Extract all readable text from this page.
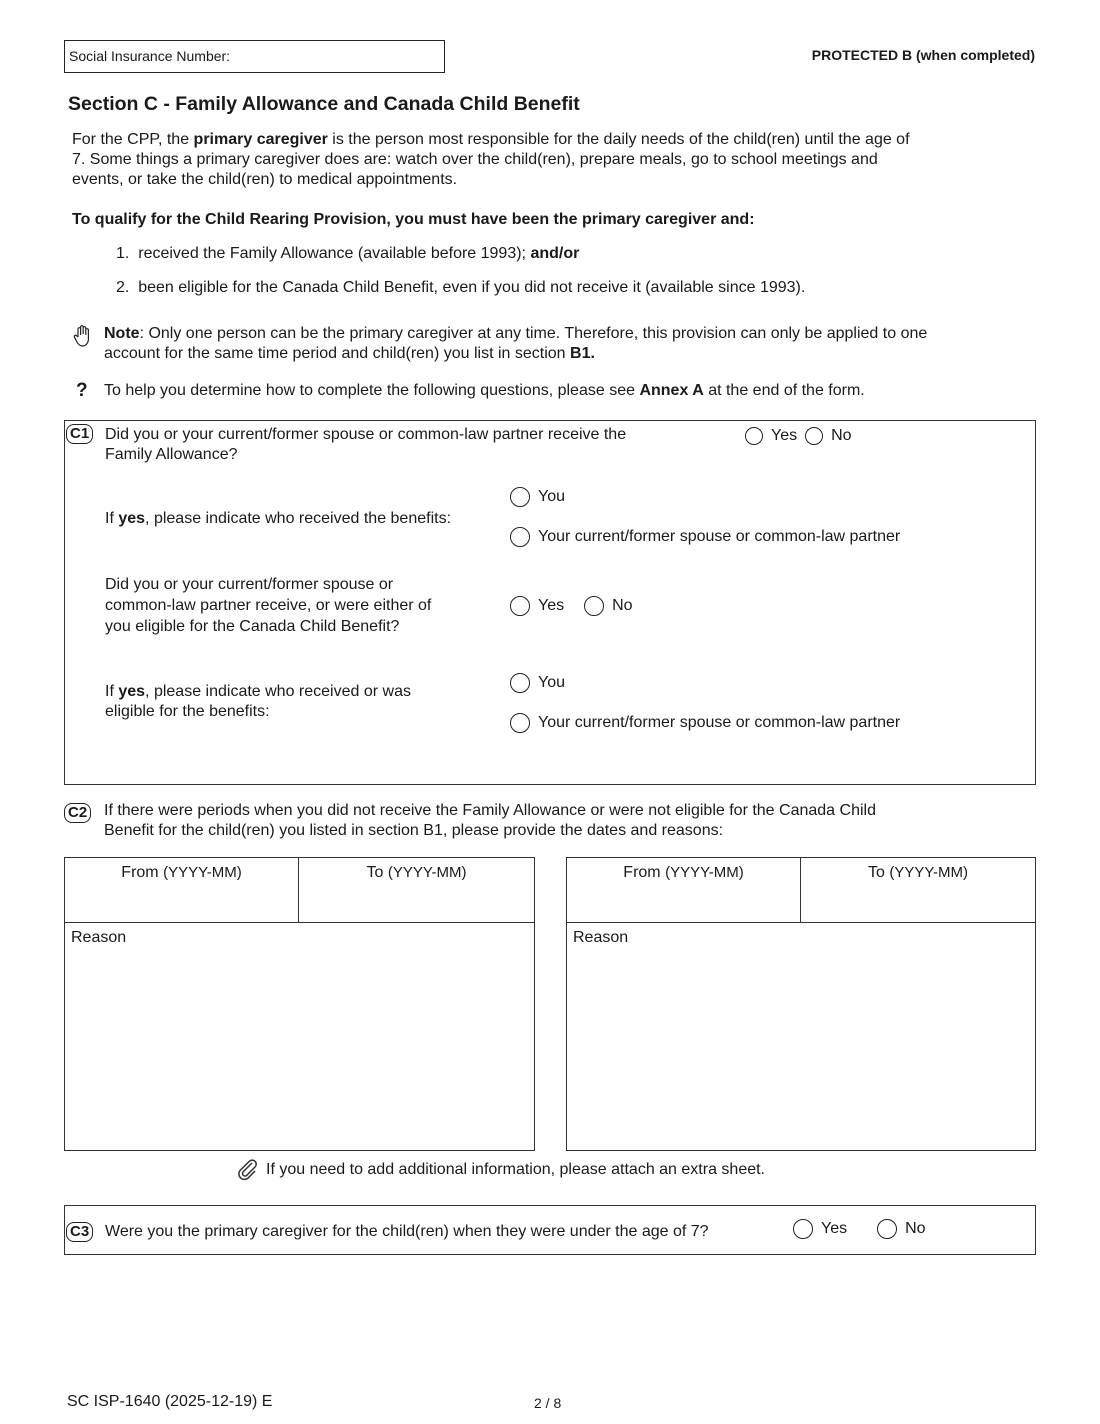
Social Insurance Number:	PROTECTED B (when completed)
Section C - Family Allowance and Canada Child Benefit
For the CPP, the primary caregiver is the person most responsible for the daily needs of the child(ren) until the age of
7. Some things a primary caregiver does are: watch over the child(ren), prepare meals, go to school meetings and
events, or take the child(ren) to medical appointments.
To qualify for the Child Rearing Provision, you must have been the primary caregiver and:
1. received the Family Allowance (available before 1993); and/or
2. been eligible for the Canada Child Benefit, even if you did not receive it (available since 1993).
Note: Only one person can be the primary caregiver at any time. Therefore, this provision can only be applied to one
account for the same time period and child(ren) you list in section B1.
? To help you determine how to complete the following questions, please see Annex A at the end of the form.
C1 Did you or your current/former spouse or common-law partner receive the
Family Allowance?
Yes No
If yes, please indicate who received the benefits:
You
Your current/former spouse or common-law partner
Did you or your current/former spouse or
common-law partner receive, or were either of
you eligible for the Canada Child Benefit?
Yes	No
If yes, please indicate who received or was
eligible for the benefits:
You
Your current/former spouse or common-law partner
C2 If there were periods when you did not receive the Family Allowance or were not eligible for the Canada Child
Benefit for the child(ren) you listed in section B1, please provide the dates and reasons:
From (YYYY-MM)	To (YYYY-MM)
Reason
From (YYYY-MM)	To (YYYY-MM)
Reason
If you need to add additional information, please attach an extra sheet.
C3 Were you the primary caregiver for the child(ren) when they were under the age of 7?	Yes	No
SC ISP-1640 (2025-12-19) E	2 / 8
